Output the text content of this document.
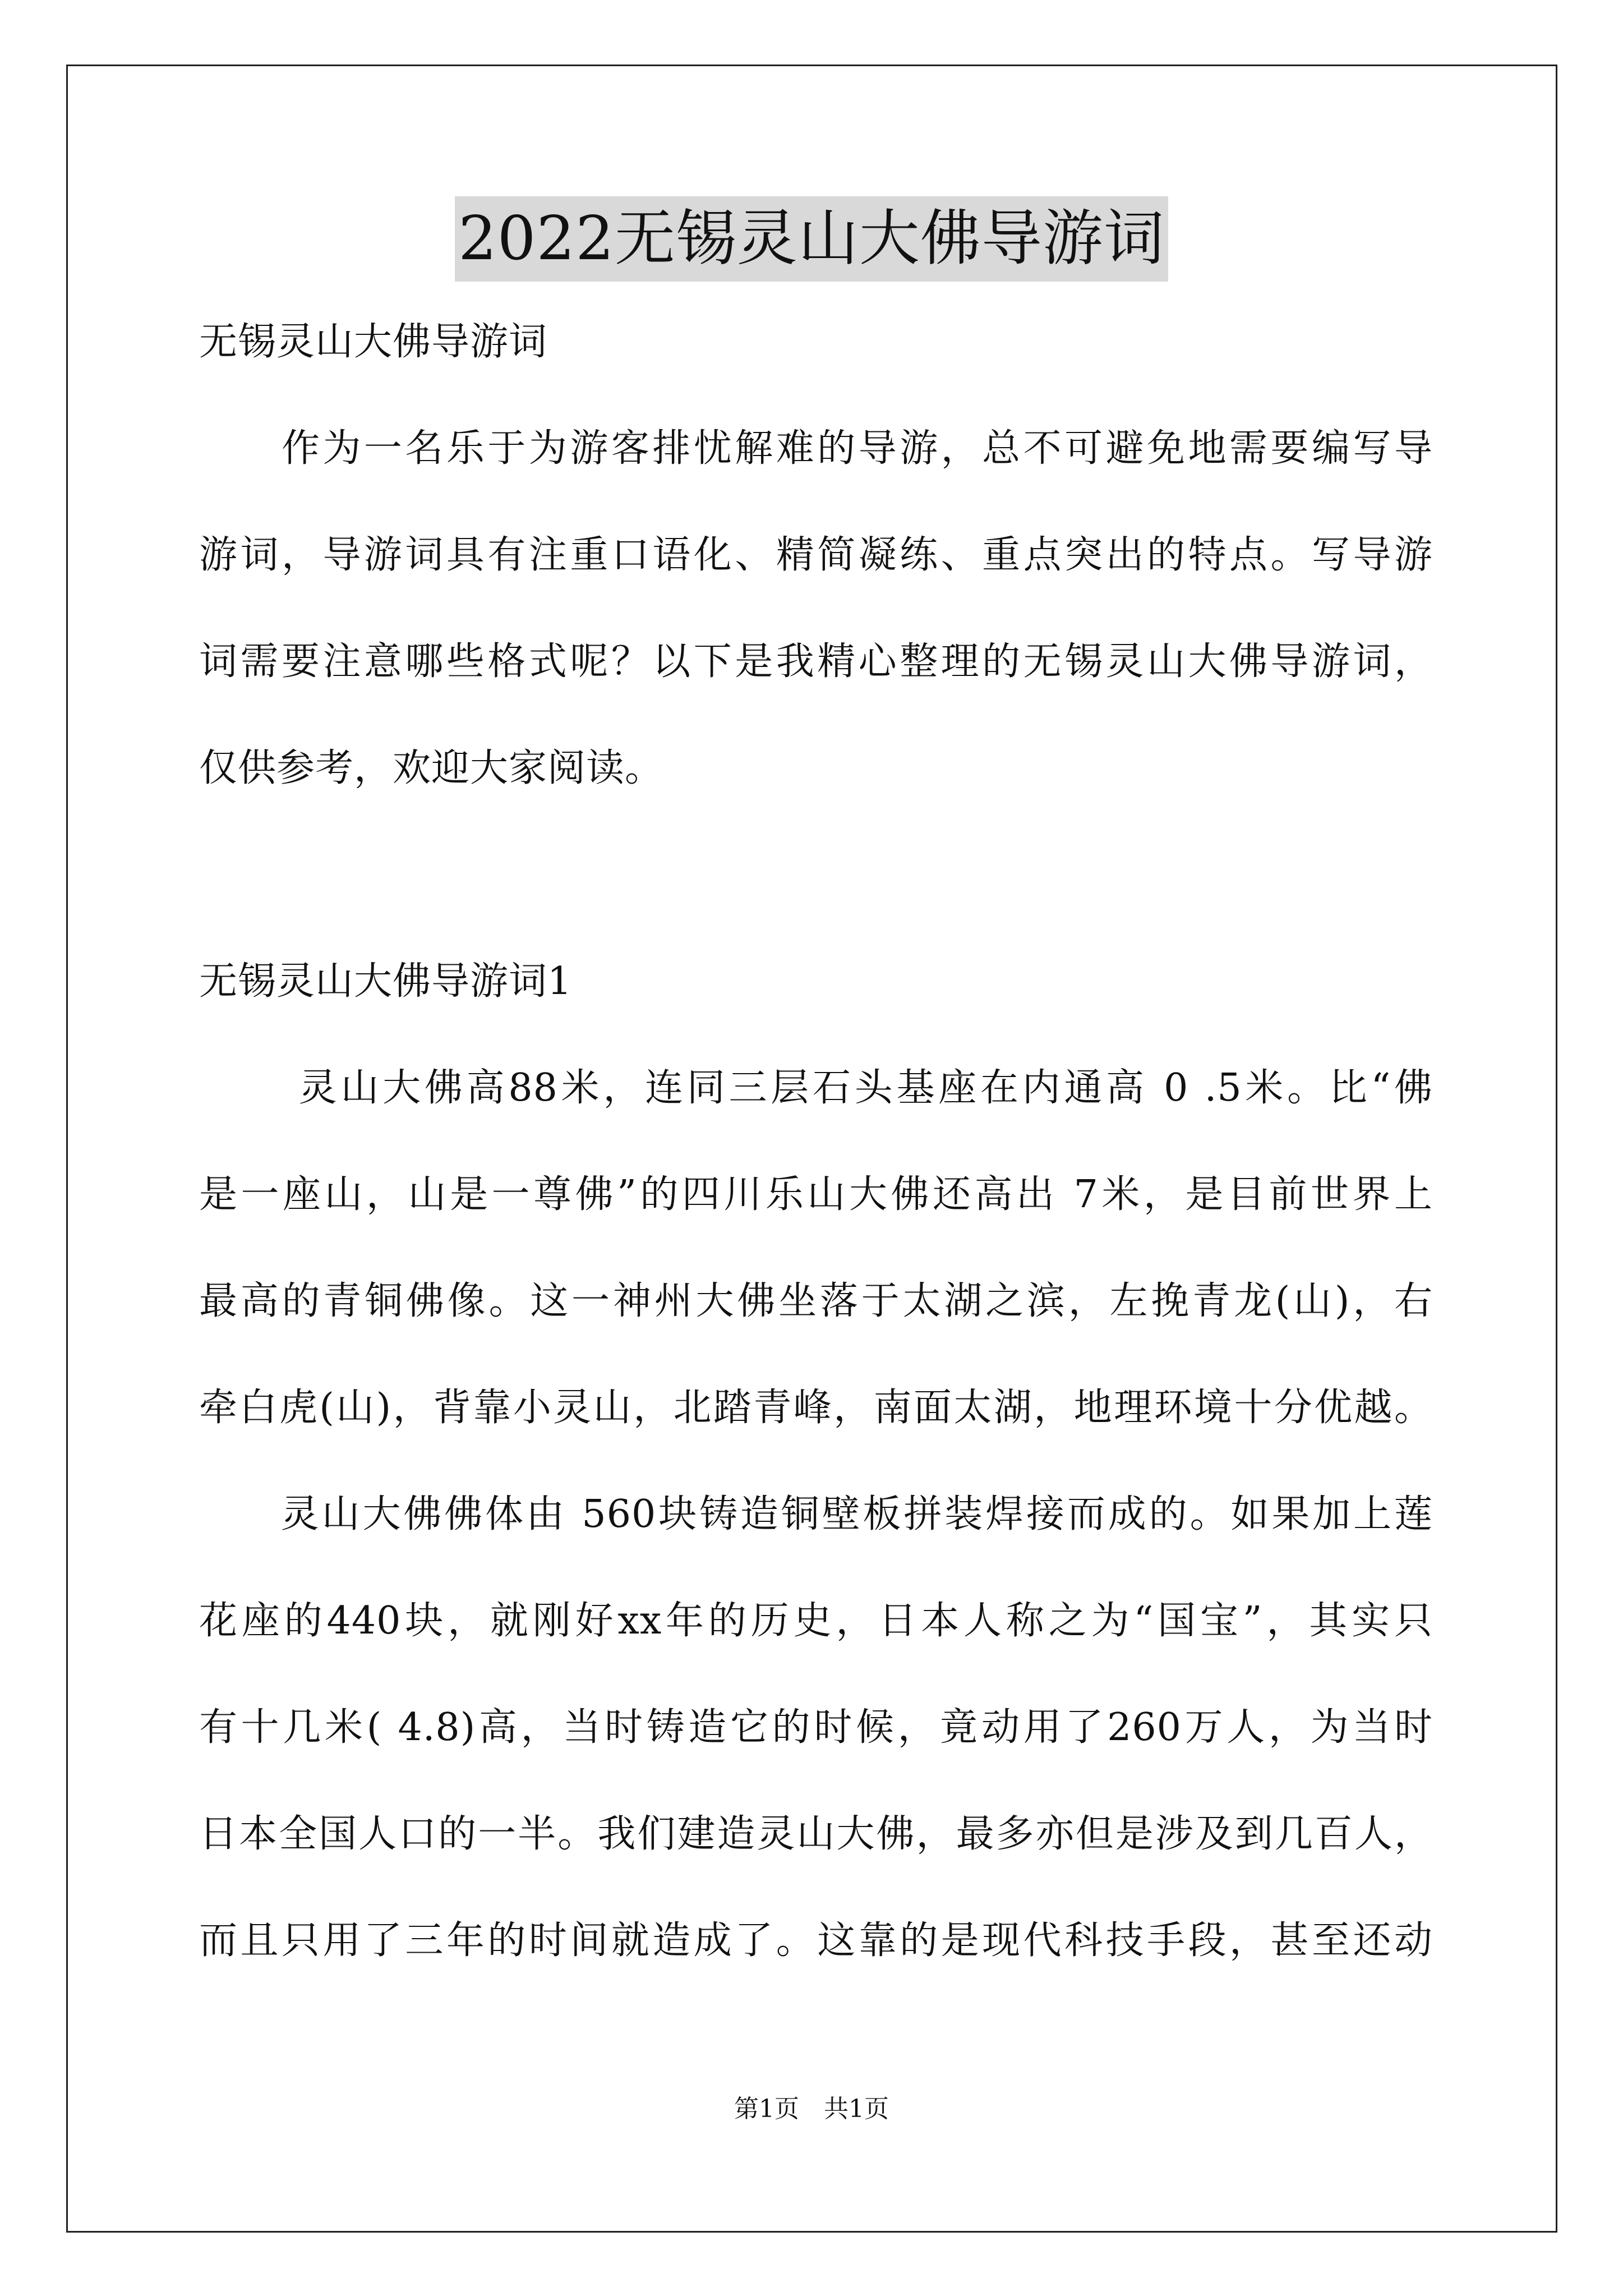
2022无锡灵山大佛导游词
无锡灵山大佛导游词
　　作为一名乐于为游客排忧解难的导游，总不可避免地需要编写导
游词，导游词具有注重口语化、精简凝练、重点突出的特点。写导游
词需要注意哪些格式呢？以下是我精心整理的无锡灵山大佛导游词，
仅供参考，欢迎大家阅读。
无锡灵山大佛导游词1
　　 灵山大佛高88米，连同三层石头基座在内通高 0 .5米。比“佛
是一座山，山是一尊佛”的四川乐山大佛还高出 7米，是目前世界上
最高的青铜佛像。这一神州大佛坐落于太湖之滨，左挽青龙(山)，右
牵白虎(山)，背靠小灵山，北踏青峰，南面太湖，地理环境十分优越。
　　灵山大佛佛体由 560块铸造铜壁板拼装焊接而成的。如果加上莲
花座的440块，就刚好xx年的历史，日本人称之为“国宝”，其实只
有十几米( 4.8)高，当时铸造它的时候，竟动用了260万人，为当时
日本全国人口的一半。我们建造灵山大佛，最多亦但是涉及到几百人，
而且只用了三年的时间就造成了。这靠的是现代科技手段，甚至还动
第1页　共1页
